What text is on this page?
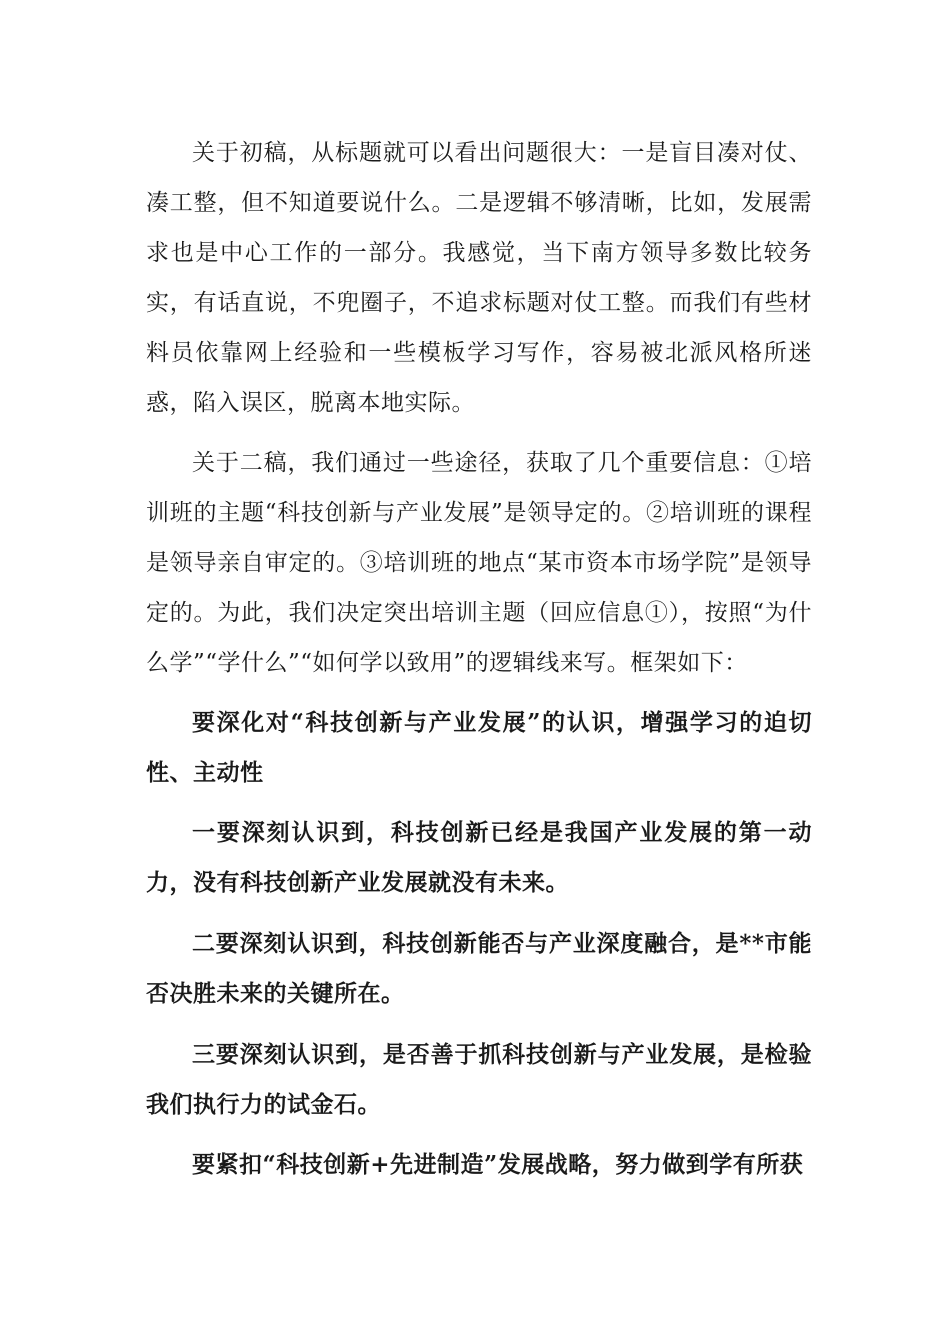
关于初稿，从标题就可以看出问题很大：一是盲目凑对仗、凑工整，但不知道要说什么。二是逻辑不够清晰，比如，发展需求也是中心工作的一部分。我感觉，当下南方领导多数比较务实，有话直说，不兜圈子，不追求标题对仗工整。而我们有些材料员依靠网上经验和一些模板学习写作，容易被北派风格所迷惑，陷入误区，脱离本地实际。

关于二稿，我们通过一些途径，获取了几个重要信息：①培训班的主题“科技创新与产业发展”是领导定的。②培训班的课程是领导亲自审定的。③培训班的地点“某市资本市场学院”是领导定的。为此，我们决定突出培训主题（回应信息①），按照“为什么学”“学什么”“如何学以致用”的逻辑线来写。框架如下：

要深化对“科技创新与产业发展”的认识，增强学习的迫切性、主动性

一要深刻认识到，科技创新已经是我国产业发展的第一动力，没有科技创新产业发展就没有未来。

二要深刻认识到，科技创新能否与产业深度融合，是**市能否决胜未来的关键所在。

三要深刻认识到，是否善于抓科技创新与产业发展，是检验我们执行力的试金石。

要紧扣“科技创新+先进制造”发展战略，努力做到学有所获
